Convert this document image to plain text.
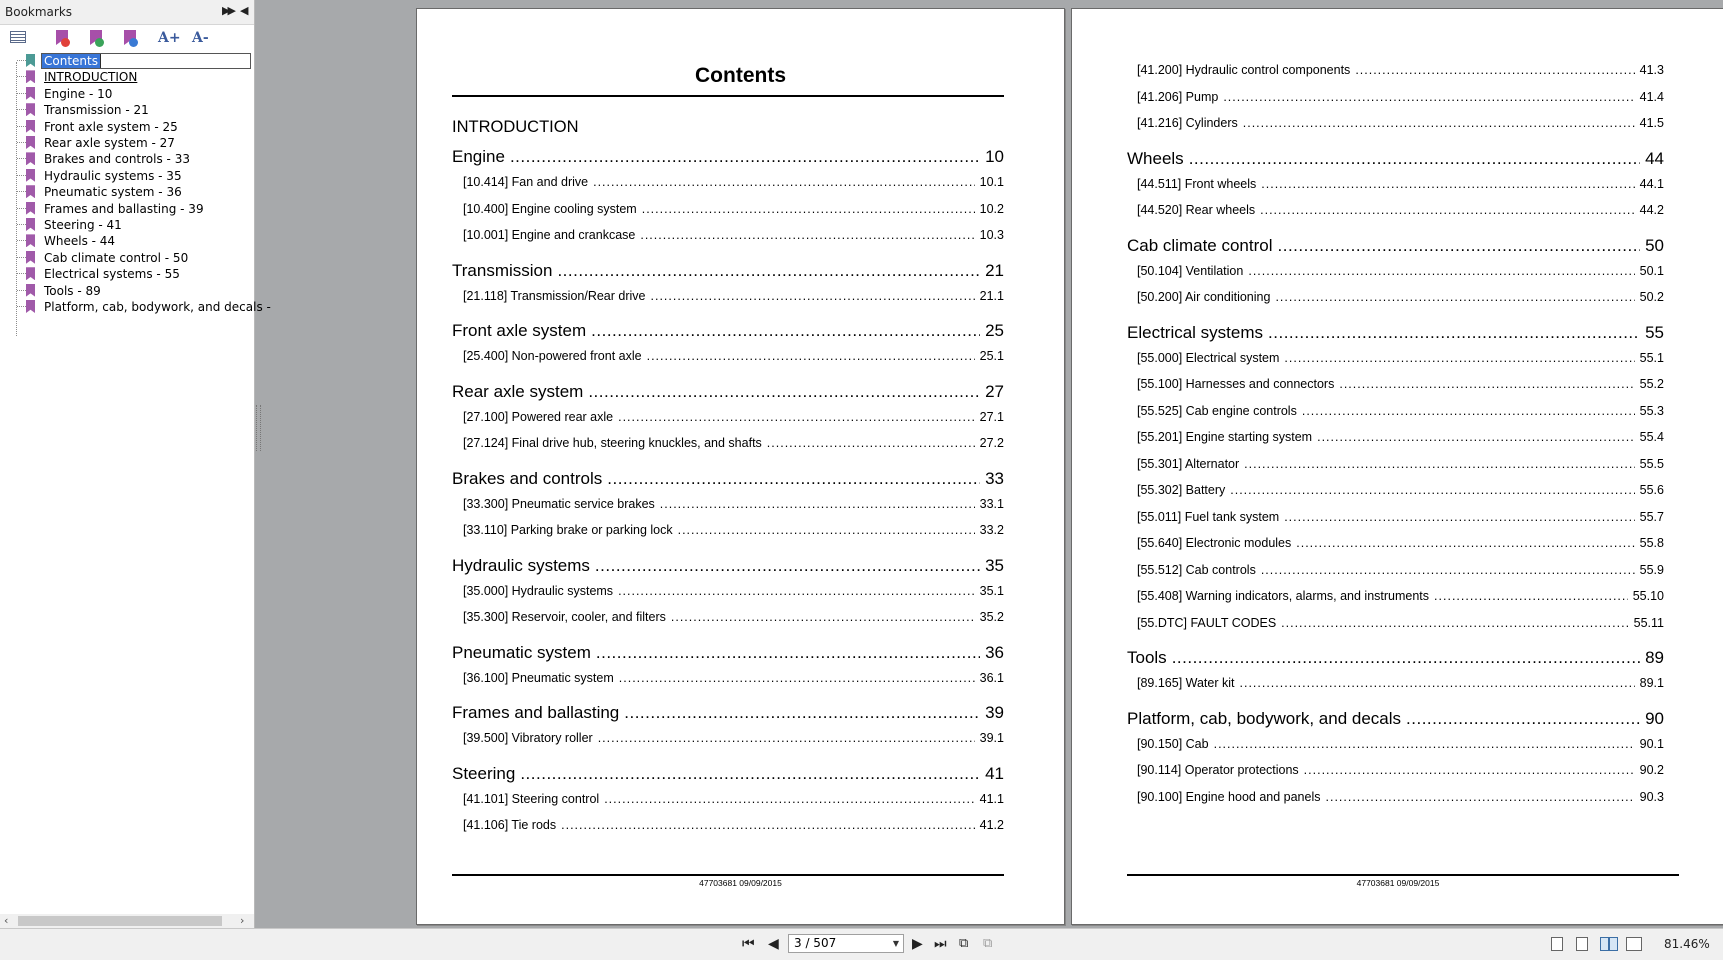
Bookmarks	▶▶ ◀
A+ A-
Contents
INTRODUCTION
Engine - 10
Transmission - 21
Front axle system - 25
Rear axle system - 27
Brakes and controls - 33
Hydraulic systems - 35
Pneumatic system - 36
Frames and ballasting - 39
Steering - 41
Wheels - 44
Cab climate control - 50
Electrical systems - 55
Tools - 89
Platform, cab, bodywork, and decals -
‹	›
Contents
INTRODUCTION
Engine .....	10
[10.414] Fan and drive .....	10.1
[10.400] Engine cooling system .....	10.2
[10.001] Engine and crankcase .....	10.3
Transmission .....	21
[21.118] Transmission/Rear drive .....	21.1
Front axle system .....	25
[25.400] Non-powered front axle .....	25.1
Rear axle system .....	27
[27.100] Powered rear axle .....	27.1
[27.124] Final drive hub, steering knuckles, and shafts .....	27.2
Brakes and controls .....	33
[33.300] Pneumatic service brakes .....	33.1
[33.110] Parking brake or parking lock .....	33.2
Hydraulic systems .....	35
[35.000] Hydraulic systems .....	35.1
[35.300] Reservoir, cooler, and filters .....	35.2
Pneumatic system .....	36
[36.100] Pneumatic system .....	36.1
Frames and ballasting .....	39
[39.500] Vibratory roller .....	39.1
Steering .....	41
[41.101] Steering control .....	41.1
[41.106] Tie rods .....	41.2
47703681 09/09/2015
[41.200] Hydraulic control components .....	41.3
[41.206] Pump .....	41.4
[41.216] Cylinders .....	41.5
Wheels .....	44
[44.511] Front wheels .....	44.1
[44.520] Rear wheels .....	44.2
Cab climate control .....	50
[50.104] Ventilation .....	50.1
[50.200] Air conditioning .....	50.2
Electrical systems .....	55
[55.000] Electrical system .....	55.1
[55.100] Harnesses and connectors .....	55.2
[55.525] Cab engine controls .....	55.3
[55.201] Engine starting system .....	55.4
[55.301] Alternator .....	55.5
[55.302] Battery .....	55.6
[55.011] Fuel tank system .....	55.7
[55.640] Electronic modules .....	55.8
[55.512] Cab controls .....	55.9
[55.408] Warning indicators, alarms, and instruments .....	55.10
[55.DTC] FAULT CODES .....	55.11
Tools .....	89
[89.165] Water kit .....	89.1
Platform, cab, bodywork, and decals .....	90
[90.150] Cab .....	90.1
[90.114] Operator protections .....	90.2
[90.100] Engine hood and panels .....	90.3
47703681 09/09/2015
⏮ ◀	3 / 507	▼ ▶ ⏭ ⧉ ⧉	81.46%
